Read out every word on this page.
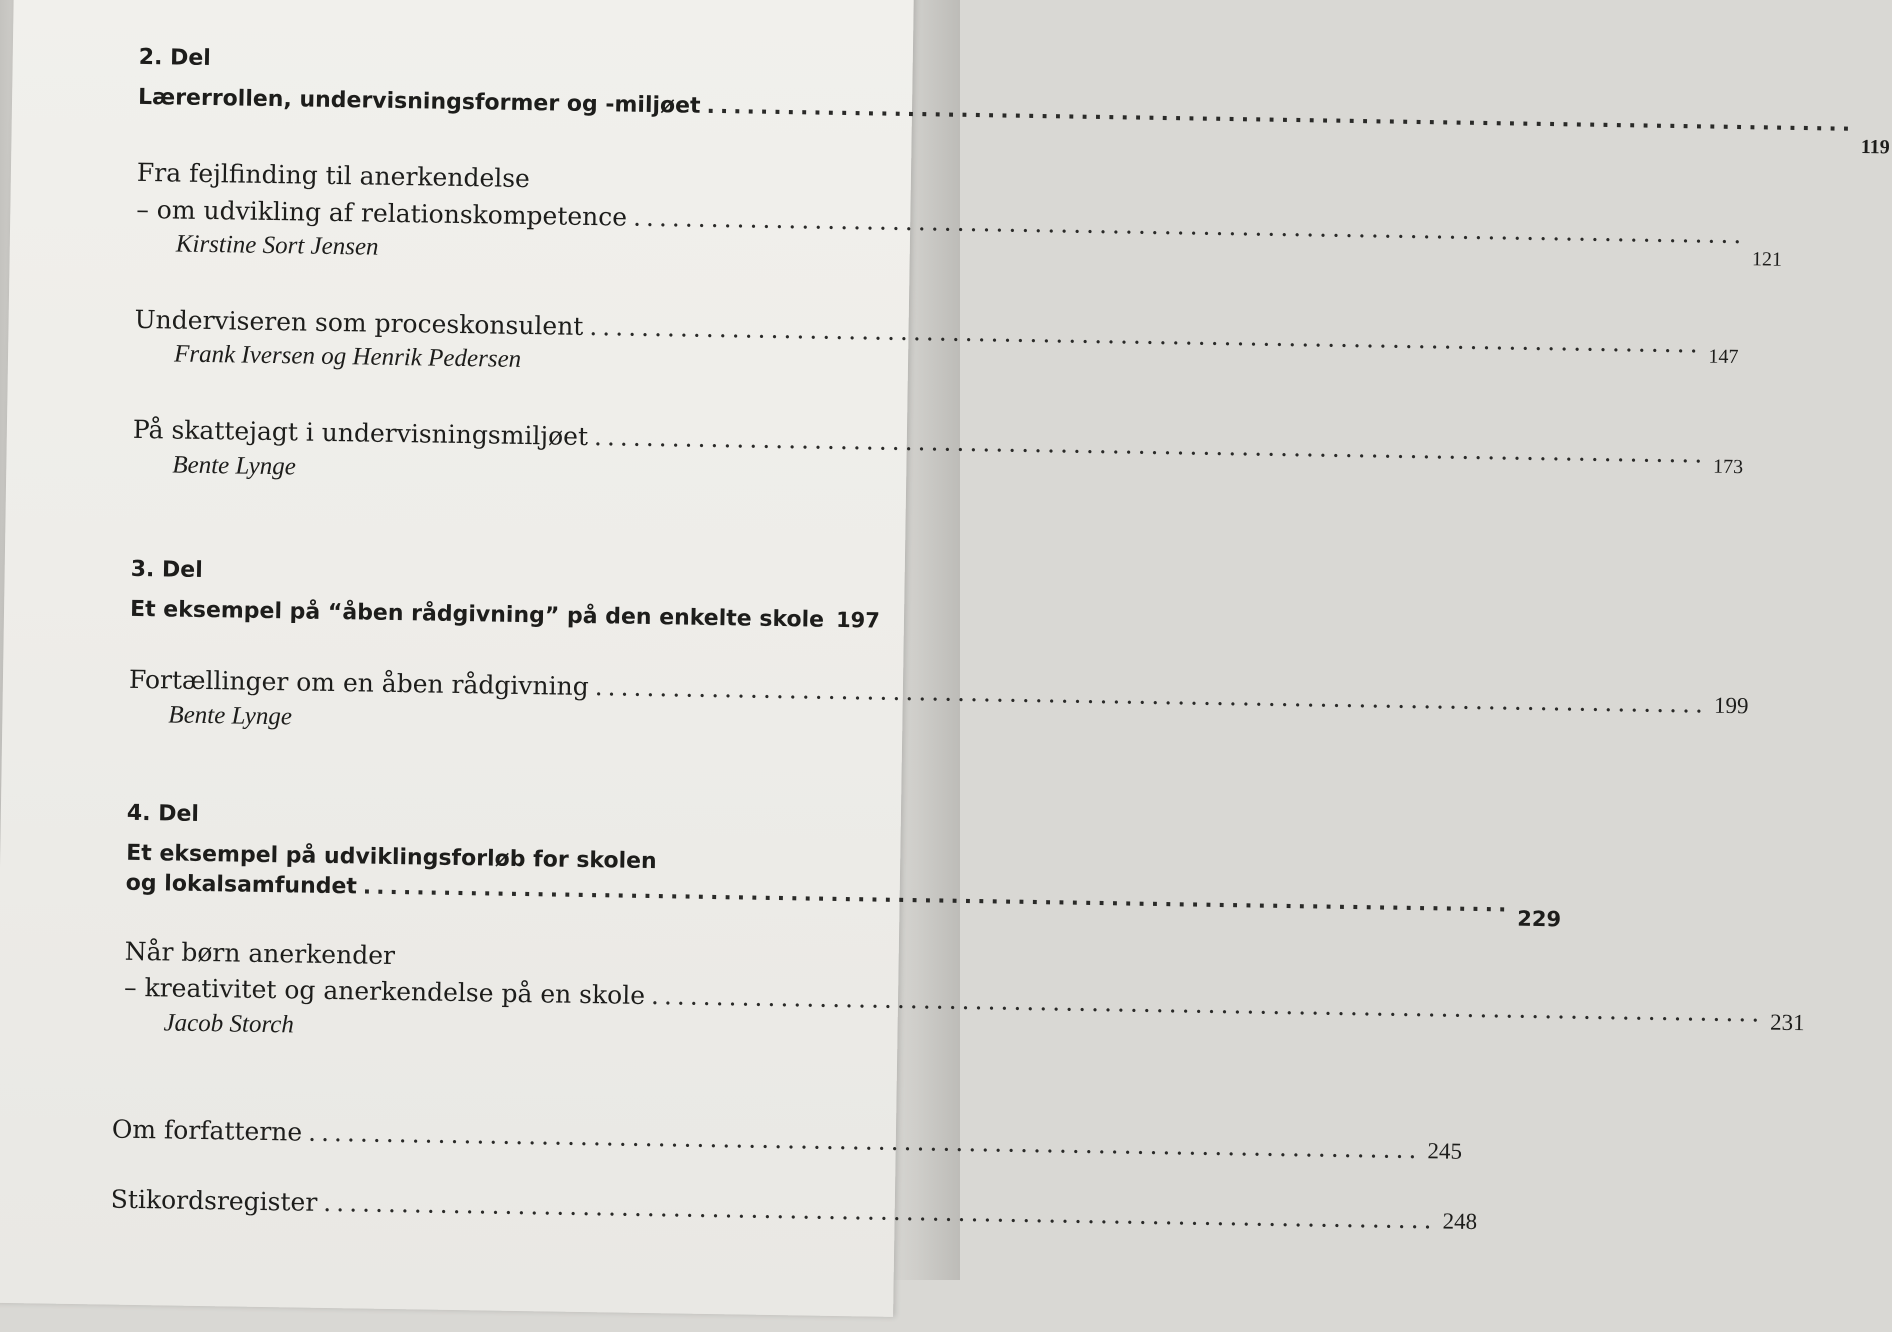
2. Del
Lærerrollen, undervisningsformer og -miljøet ......................................................................................
119
Fra fejlfinding til anerkendelse
– om udvikling af relationskompetence ......................................................................................
121
Kirstine Sort Jensen
Underviseren som proceskonsulent ...................................................................................... 147
Frank Iversen og Henrik Pedersen
På skattejagt i undervisningsmiljøet ...................................................................................... 173
Bente Lynge
3. Del
Et eksempel på “åben rådgivning” på den enkelte skole 197
Fortællinger om en åben rådgivning ...................................................................................... 199
Bente Lynge
4. Del
Et eksempel på udviklingsforløb for skolen
og lokalsamfundet ......................................................................................
229
Når børn anerkender
– kreativitet og anerkendelse på en skole ...................................................................................... 231
Jacob Storch
Om forfatterne ...................................................................................... 245
Stikordsregister ...................................................................................... 248
